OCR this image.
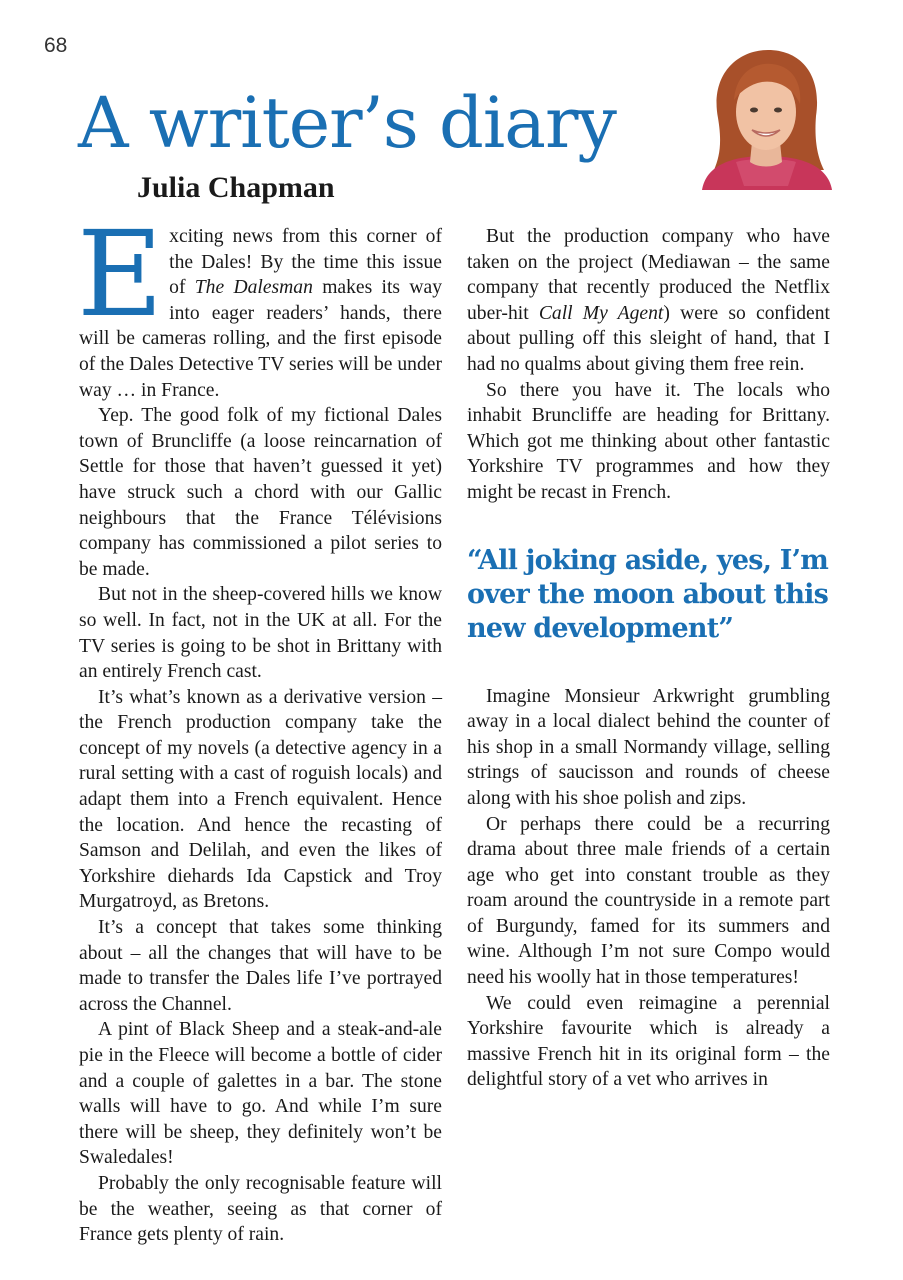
68
A writer’s diary
Julia Chapman

Exciting news from this corner of the Dales! By the time this issue of The Dalesman makes its way into eager readers’ hands, there will be cameras rolling, and the first episode of the Dales Detective TV series will be under way … in France.

Yep. The good folk of my fictional Dales town of Bruncliffe (a loose reincarnation of Settle for those that haven’t guessed it yet) have struck such a chord with our Gallic neighbours that the France Télévisions company has commissioned a pilot series to be made.

But not in the sheep-covered hills we know so well. In fact, not in the UK at all. For the TV series is going to be shot in Brittany with an entirely French cast.

It’s what’s known as a derivative version – the French production company take the concept of my novels (a detective agency in a rural setting with a cast of roguish locals) and adapt them into a French equivalent. Hence the location. And hence the recasting of Samson and Delilah, and even the likes of Yorkshire diehards Ida Capstick and Troy Murgatroyd, as Bretons.

It’s a concept that takes some thinking about – all the changes that will have to be made to transfer the Dales life I’ve portrayed across the Channel.

A pint of Black Sheep and a steak-and-ale pie in the Fleece will become a bottle of cider and a couple of galettes in a bar. The stone walls will have to go. And while I’m sure there will be sheep, they definitely won’t be Swaledales!

Probably the only recognisable feature will be the weather, seeing as that corner of France gets plenty of rain.

But the production company who have taken on the project (Mediawan – the same company that recently produced the Netflix uber-hit Call My Agent) were so confident about pulling off this sleight of hand, that I had no qualms about giving them free rein.

So there you have it. The locals who inhabit Bruncliffe are heading for Brittany. Which got me thinking about other fantastic Yorkshire TV programmes and how they might be recast in French.

“All joking aside, yes, I’m over the moon about this new development”

Imagine Monsieur Arkwright grumbling away in a local dialect behind the counter of his shop in a small Normandy village, selling strings of saucisson and rounds of cheese along with his shoe polish and zips.

Or perhaps there could be a recurring drama about three male friends of a certain age who get into constant trouble as they roam around the countryside in a remote part of Burgundy, famed for its summers and wine. Although I’m not sure Compo would need his woolly hat in those temperatures!

We could even reimagine a perennial Yorkshire favourite which is already a massive French hit in its original form – the delightful story of a vet who arrives in
